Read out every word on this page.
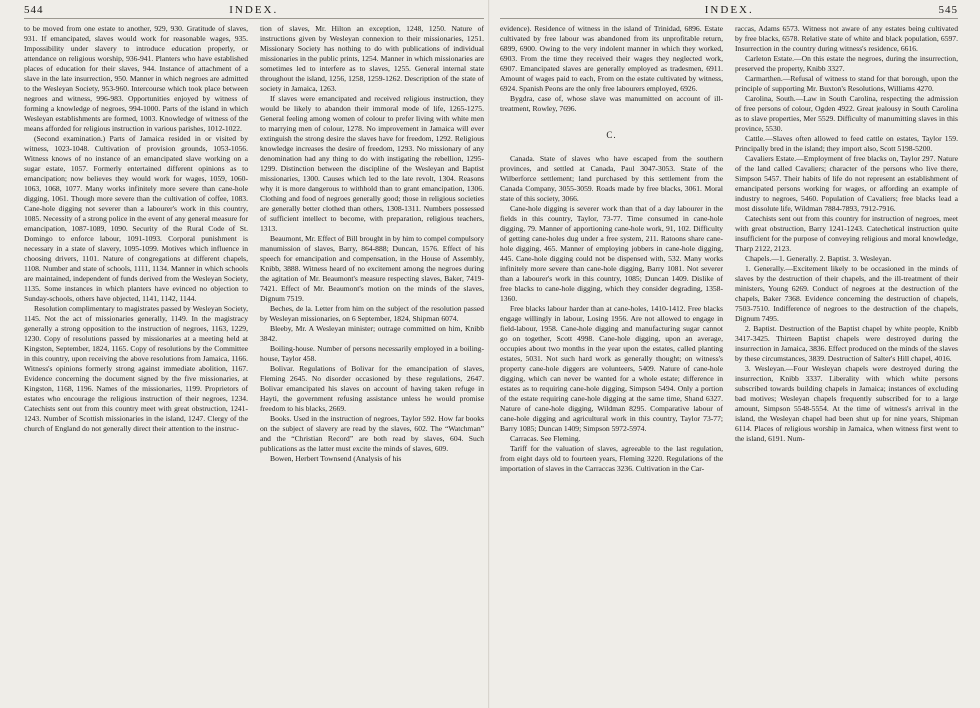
544	INDEX.

to be moved from one estate to another, 929, 930. Gratitude of slaves, 931. If emancipated, slaves would work for reasonable wages, 935. Impossibility under slavery to introduce education properly, or attendance on religious worship, 936-941. Planters who have established places of education for their slaves, 944. Instance of attachment of a slave in the late insurrection, 950. Manner in which negroes are admitted to the Wesleyan Society, 953-960. Intercourse which took place between negroes and witness, 996-983. Opportunities enjoyed by witness of forming a knowledge of negroes, 994-1000. Parts of the island in which Wesleyan establishments are formed, 1003. Knowledge of witness of the means afforded for religious instruction in various parishes, 1012-1022.

(Second examination.) Parts of Jamaica resided in or visited by witness, 1023-1048. Cultivation of provision grounds, 1053-1056. Witness knows of no instance of an emancipated slave working on a sugar estate, 1057. Formerly entertained different opinions as to emancipation; now believes they would work for wages, 1059, 1060-1063, 1068, 1077. Many works infinitely more severe than cane-hole digging, 1061. Though more severe than the cultivation of coffee, 1083. Cane-hole digging not severer than a labourer's work in this country, 1085. Necessity of a strong police in the event of any general measure for emancipation, 1087-1089, 1090. Security of the Rural Code of St. Domingo to enforce labour, 1091-1093. Corporal punishment is necessary in a state of slavery, 1095-1099. Motives which influence in choosing drivers, 1101. Nature of congregations at different chapels, 1108. Number and state of schools, 1111, 1134. Manner in which schools are maintained, independent of funds derived from the Wesleyan Society, 1135. Some instances in which planters have evinced no objection to Sunday-schools, others have objected, 1141, 1142, 1144.

Resolution complimentary to magistrates passed by Wesleyan Society, 1145. Not the act of missionaries generally, 1149. In the magistracy generally a strong opposition to the instruction of negroes, 1163, 1229, 1230. Copy of resolutions passed by missionaries at a meeting held at Kingston, September, 1824, 1165. Copy of resolutions by the Committee in this country, upon receiving the above resolutions from Jamaica, 1166. Witness's opinions formerly strong against immediate abolition, 1167. Evidence concerning the document signed by the five missionaries, at Kingston, 1168, 1196. Names of the missionaries, 1199. Proprietors of estates who encourage the religious instruction of their negroes, 1234. Catechists sent out from this country meet with great obstruction, 1241-1243. Number of Scottish missionaries in the island, 1247. Clergy of the church of England do not generally direct their attention to the instruc-

tion of slaves, Mr. Hilton an exception, 1248, 1250. Nature of instructions given by Wesleyan connexion to their missionaries, 1251. Missionary Society has nothing to do with publications of individual missionaries in the public prints, 1254. Manner in which missionaries are sometimes led to interfere as to slaves, 1255. General internal state throughout the island, 1256, 1258, 1259-1262. Description of the state of society in Jamaica, 1263.

If slaves were emancipated and received religious instruction, they would be likely to abandon their immoral mode of life, 1265-1275. General feeling among women of colour to prefer living with white men to marrying men of colour, 1278. No improvement in Jamaica will ever extinguish the strong desire the slaves have for freedom, 1292. Religious knowledge increases the desire of freedom, 1293. No missionary of any denomination had any thing to do with instigating the rebellion, 1295-1299. Distinction between the discipline of the Wesleyan and Baptist missionaries, 1300. Causes which led to the late revolt, 1304. Reasons why it is more dangerous to withhold than to grant emancipation, 1306. Clothing and food of negroes generally good; those in religious societies are generally better clothed than others, 1308-1311. Numbers possessed of sufficient intellect to become, with preparation, religious teachers, 1313.

Beaumont, Mr. Effect of Bill brought in by him to compel compulsory manumission of slaves, Barry, 864-888; Duncan, 1576. Effect of his speech for emancipation and compensation, in the House of Assembly, Knibb, 3888. Witness heard of no excitement among the negroes during the agitation of Mr. Beaumont's measure respecting slaves, Baker, 7419-7421. Effect of Mr. Beaumont's motion on the minds of the slaves, Dignum 7519.

Beches, de la. Letter from him on the subject of the resolution passed by Wesleyan missionaries, on 6 September, 1824, Shipman 6074.

Bleeby, Mr. A Wesleyan minister; outrage committed on him, Knibb 3842.

Boiling-house. Number of persons necessarily employed in a boiling-house, Taylor 458.

Bolivar. Regulations of Bolivar for the emancipation of slaves, Fleming 2645. No disorder occasioned by these regulations, 2647. Bolivar emancipated his slaves on account of having taken refuge in Hayti, the government refusing assistance unless he would promise freedom to his blacks, 2669.

Books. Used in the instruction of negroes, Taylor 592. How far books on the subject of slavery are read by the slaves, 602. The “Watchman” and the “Christian Record” are both read by slaves, 604. Such publications as the latter must excite the minds of slaves, 609.

Bowen, Herbert Townsend (Analysis of his

INDEX.	545

evidence). Residence of witness in the island of Trinidad, 6896. Estate cultivated by free labour was abandoned from its unprofitable return, 6899, 6900. Owing to the very indolent manner in which they worked, 6903. From the time they received their wages they neglected work, 6907. Emancipated slaves are generally employed as tradesmen, 6911. Amount of wages paid to each, From on the estate cultivated by witness, 6924. Spanish Peons are the only free labourers employed, 6926.

Bygdra, case of, whose slave was manumitted on account of ill-treatment, Rowley, 7696.

C.

Canada. State of slaves who have escaped from the southern provinces, and settled at Canada, Paul 3047-3053. State of the Wilberforce settlement; land purchased by this settlement from the Canada Company, 3055-3059. Roads made by free blacks, 3061. Moral state of this society, 3066.

Cane-hole digging is severer work than that of a day labourer in the fields in this country, Taylor, 73-77. Time consumed in cane-hole digging, 79. Manner of apportioning cane-hole work, 91, 102. Difficulty of getting cane-holes dug under a free system, 211. Ratoons share cane-hole digging, 465. Manner of employing jobbers in cane-hole digging, 445. Cane-hole digging could not be dispensed with, 532. Many works infinitely more severe than cane-hole digging, Barry 1081. Not severer than a labourer's work in this country, 1085; Duncan 1409. Dislike of free blacks to cane-hole digging, which they consider degrading, 1358-1360.

Free blacks labour harder than at cane-holes, 1410-1412. Free blacks engage willingly in labour, Losing 1956. Are not allowed to engage in field-labour, 1958. Cane-hole digging and manufacturing sugar cannot go on together, Scott 4998. Cane-hole digging, upon an average, occupies about two months in the year upon the estates, called planting estates, 5031. Not such hard work as generally thought; on witness's property cane-hole diggers are volunteers, 5409. Nature of cane-hole digging, which can never be wanted for a whole estate; difference in estates as to requiring cane-hole digging, Simpson 5494. Only a portion of the estate requiring cane-hole digging at the same time, Shand 6327. Nature of cane-hole digging, Wildman 8295. Comparative labour of cane-hole digging and agricultural work in this country, Taylor 73-77; Barry 1085; Duncan 1409; Simpson 5972-5974.

Carracas. See Fleming.

Tariff for the valuation of slaves, agreeable to the last regulation, from eight days old to fourteen years, Fleming 3220. Regulations of the importation of slaves in the Carraccas 3236. Cultivation in the Car-

raccas, Adams 6573. Witness not aware of any estates being cultivated by free blacks, 6578. Relative state of white and black population, 6597. Insurrection in the country during witness's residence, 6616.

Carleton Estate.—On this estate the negroes, during the insurrection, preserved the property, Knibb 3327.

Carmarthen.—Refusal of witness to stand for that borough, upon the principle of supporting Mr. Buxton's Resolutions, Williams 4270.

Carolina, South.—Law in South Carolina, respecting the admission of free persons of colour, Ogden 4922. Great jealousy in South Carolina as to slave properties, Mer 5529. Difficulty of manumitting slaves in this province, 5530.

Cattle.—Slaves often allowed to feed cattle on estates, Taylor 159. Principally bred in the island; they import also, Scott 5198-5200.

Cavaliers Estate.—Employment of free blacks on, Taylor 297. Nature of the land called Cavaliers; character of the persons who live there, Simpson 5457. Their habits of life do not represent an establishment of emancipated persons working for wages, or affording an example of industry to negroes, 5460. Population of Cavaliers; free blacks lead a most dissolute life, Wildman 7884-7893, 7912-7916.

Catechists sent out from this country for instruction of negroes, meet with great obstruction, Barry 1241-1243. Catechetical instruction quite insufficient for the purpose of conveying religious and moral knowledge, Tharp 2122, 2123.

Chapels.—1. Generally. 2. Baptist. 3. Wesleyan.

1. Generally.—Excitement likely to be occasioned in the minds of slaves by the destruction of their chapels, and the ill-treatment of their ministers, Young 6269. Conduct of negroes at the destruction of the chapels, Baker 7368. Evidence concerning the destruction of chapels, 7503-7510. Indifference of negroes to the destruction of the chapels, Dignum 7495.

2. Baptist. Destruction of the Baptist chapel by white people, Knibb 3417-3425. Thirteen Baptist chapels were destroyed during the insurrection in Jamaica, 3836. Effect produced on the minds of the slaves by these circumstances, 3839. Destruction of Salter's Hill chapel, 4016.

3. Wesleyan.—Four Wesleyan chapels were destroyed during the insurrection, Knibb 3337. Liberality with which white persons subscribed towards building chapels in Jamaica; instances of excluding bad motives; Wesleyan chapels frequently subscribed for to a large amount, Simpson 5548-5554. At the time of witness's arrival in the island, the Wesleyan chapel had been shut up for nine years, Shipman 6114. Places of religious worship in Jamaica, when witness first went to the island, 6191. Num-
